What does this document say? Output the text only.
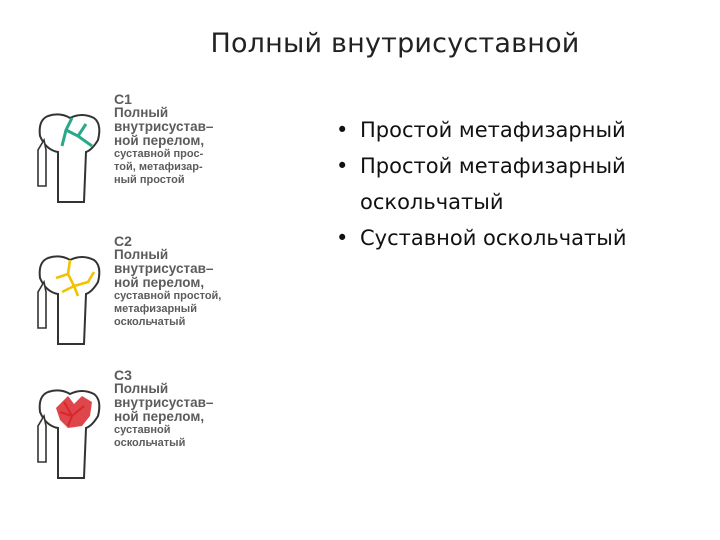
Полный внутрисуставной
С1
Полный
внутрисустав–
ной перелом,
суставной прос-
той, метафизар-
ный простой
С2
Полный
внутрисустав–
ной перелом,
суставной простой,
метафизарный
оскольчатый
С3
Полный
внутрисустав–
ной перелом,
суставной
оскольчатый
• Простой метафизарный
• Простой метафизарный оскольчатый
• Суставной оскольчатый
